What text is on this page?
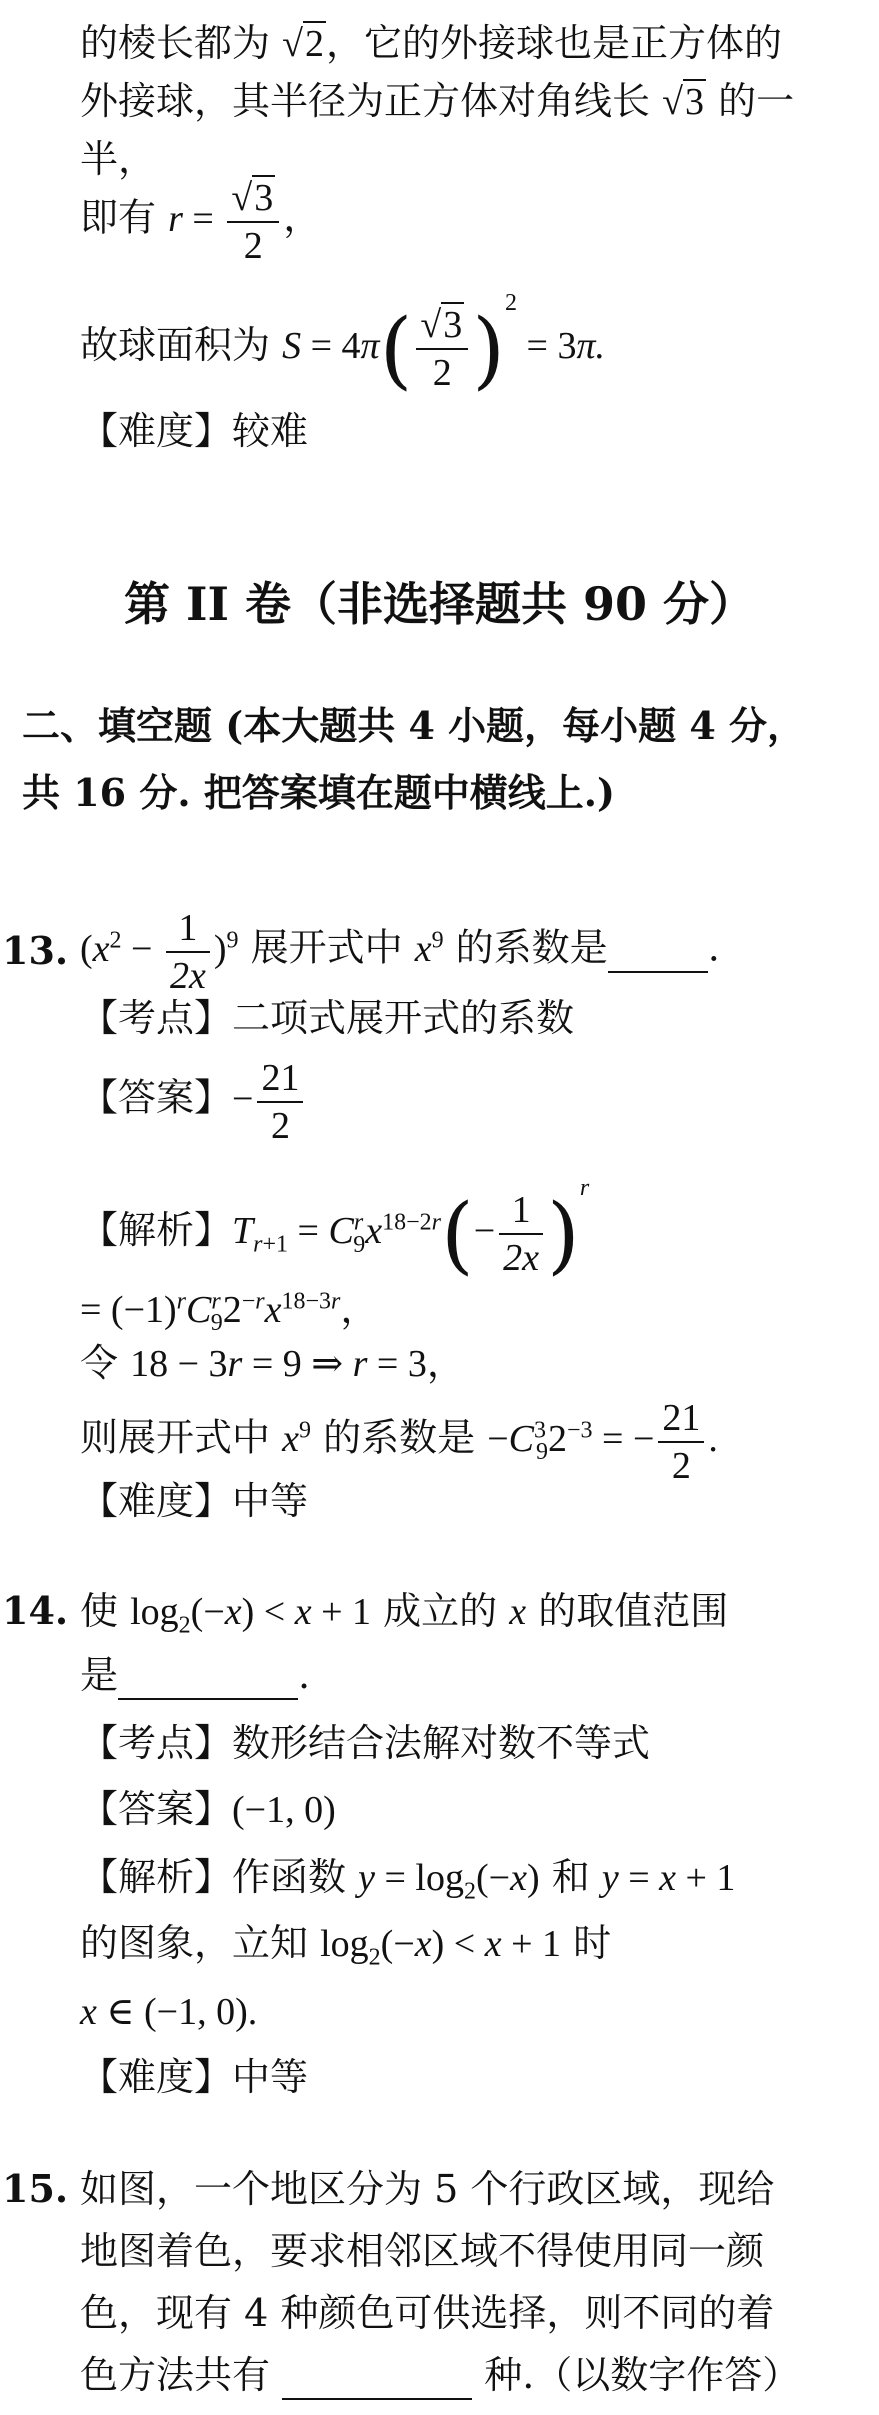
的棱长都为 √2，它的外接球也是正方体的
外接球，其半径为正方体对角线长 √3 的一
半，
即有 $r = \frac{√3}{2}$ ，
故球面积为 $S = 4\pi( \frac{√3}{2} )^2 = 3\pi$.
【难度】较难
第 II 卷（非选择题共 90 分）
二、填空题 (本大题共 4 小题，每小题 4 分，
共 16 分. 把答案填在题中横线上.)
13. $(x^2 - \frac{1}{2x} )^9$ 展开式中 $x^9$ 的系数是	.
【考点】二项式展开式的系数
【答案】− $\frac{21}{2}$
【解析】$T_{r+1} = C^r_9x^{18-2r}(- \frac{1}{2x} )^r$
= $(-1)^rC^r_92^{-r}x^{18-3r}$，
令 18 − 3r = 9 ⇒ r = 3，
则展开式中 $x^9$ 的系数是 $-C^3_92^{-3}$ = − $\frac{21}{2}$ .
【难度】中等
14. 使 $\log_2(-x) < x + 1$ 成立的 x 的取值范围
是	.
【考点】数形结合法解对数不等式
【答案】(−1, 0)
【解析】作函数 $y = \log_2(-x)$ 和 y = x + 1
的图象，立知 $\log_2(-x) < x + 1$ 时
x ∈ (−1, 0).
【难度】中等
15. 如图，一个地区分为 5 个行政区域，现给
地图着色，要求相邻区域不得使用同一颜
色，现有 4 种颜色可供选择，则不同的着
色方法共有	种.（以数字作答）
